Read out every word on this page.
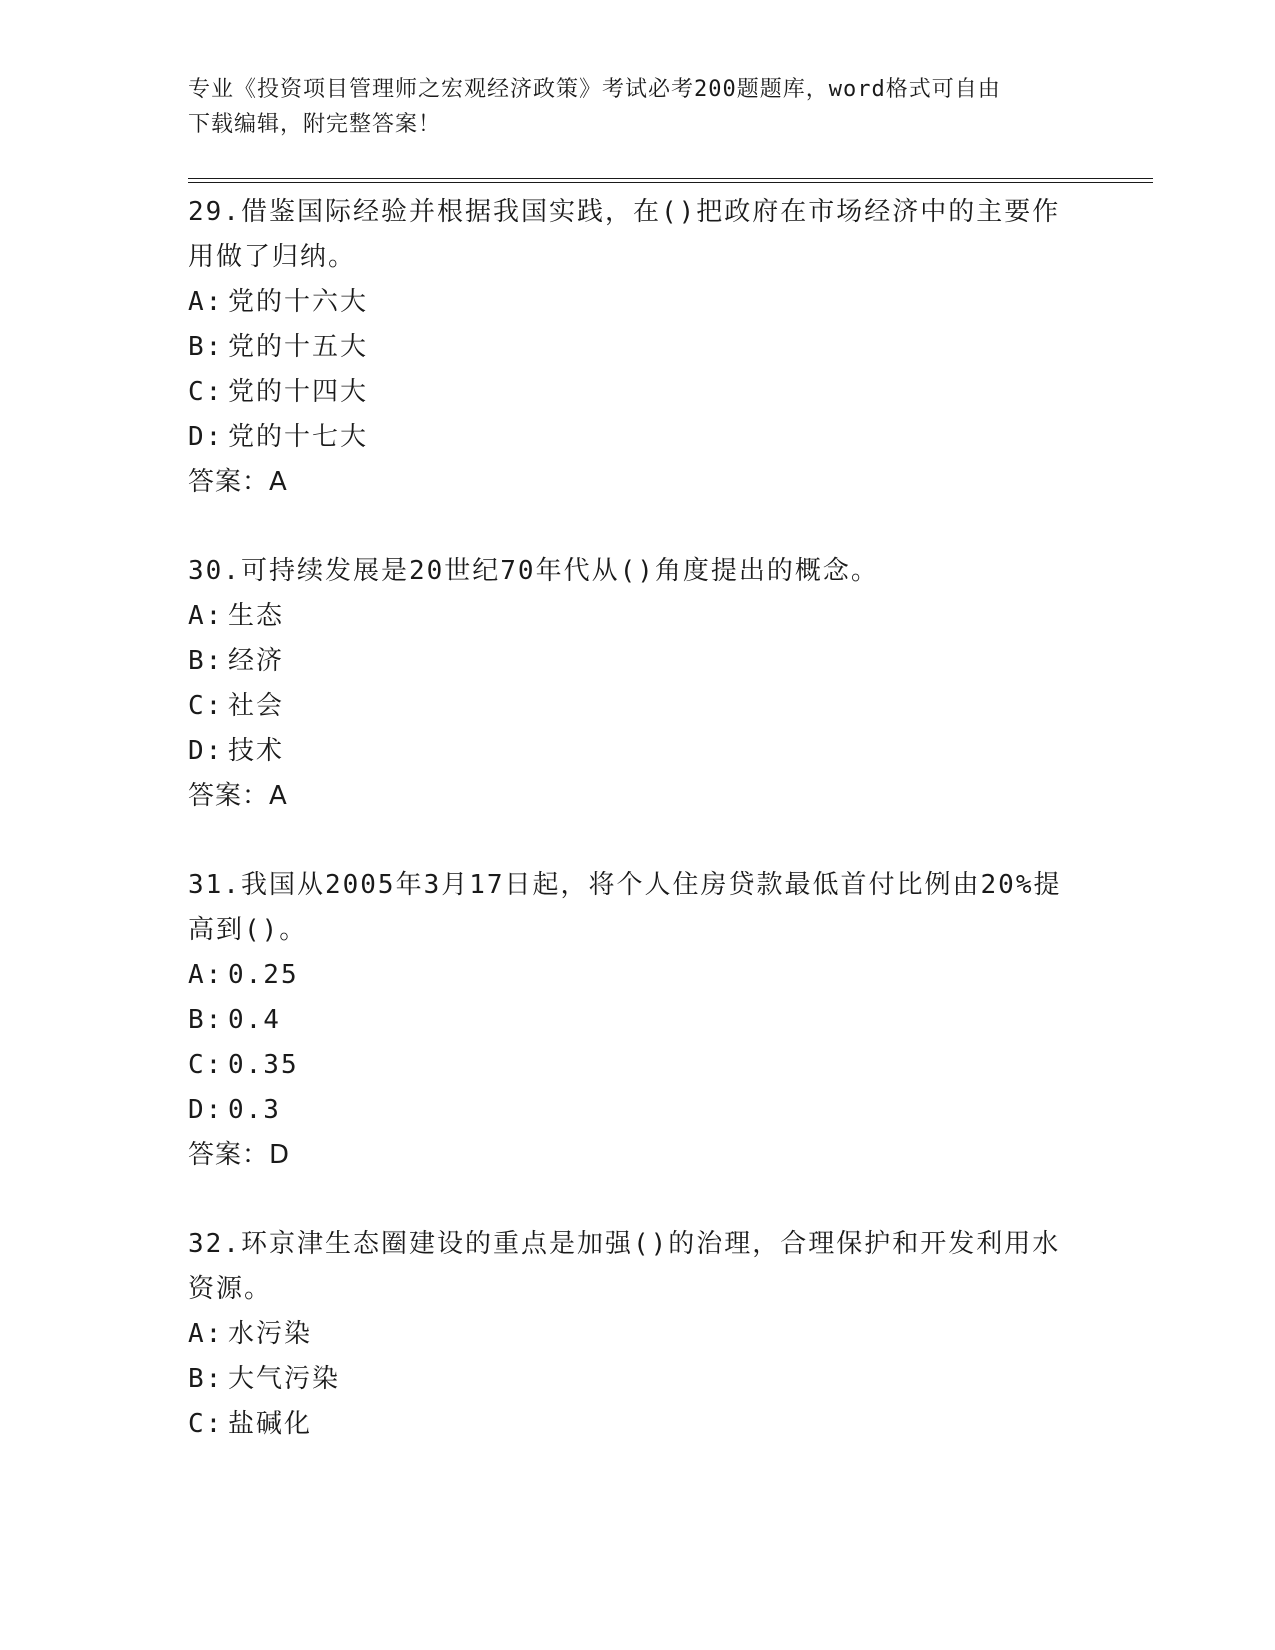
专业《投资项目管理师之宏观经济政策》考试必考200题题库，word格式可自由
下载编辑，附完整答案！

29.借鉴国际经验并根据我国实践，在()把政府在市场经济中的主要作用做了归纳。

A: 党的十六大

B: 党的十五大

C: 党的十四大

D: 党的十七大

答案：A

30.可持续发展是20世纪70年代从()角度提出的概念。

A: 生态

B: 经济

C: 社会

D: 技术

答案：A

31.我国从2005年3月17日起，将个人住房贷款最低首付比例由20%提高到()。

A: 0.25

B: 0.4

C: 0.35

D: 0.3

答案：D

32.环京津生态圈建设的重点是加强()的治理，合理保护和开发利用水资源。

A: 水污染

B: 大气污染

C: 盐碱化
